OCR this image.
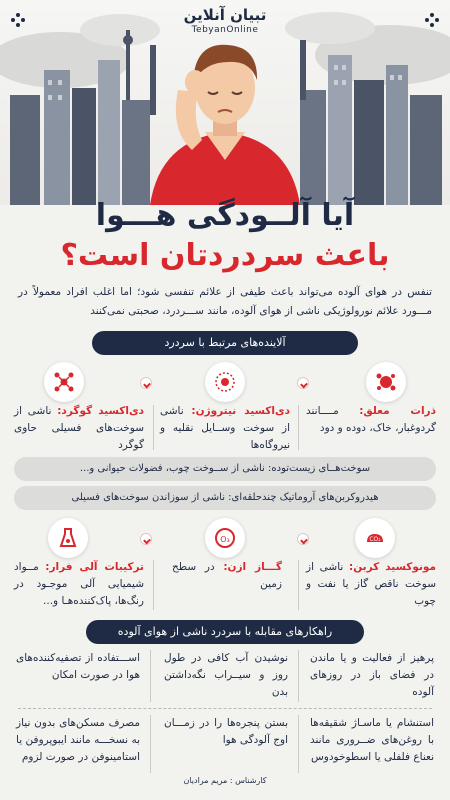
تبیان آنلاین
TebyanOnline
آیا آلــودگی هـــوا
باعث سردردتان است؟
تنفس در هوای آلوده می‌تواند باعث طیفی از علائم تنفسی شود؛ اما اغلب افراد معمولاً در مـــورد علائم نورولوژیکی ناشی از هوای آلوده، مانند ســـردرد، صحبتی نمی‌کنند
آلاینده‌های مرتبط با سردرد
ذرات معلق: مــــانند گردوغبار، خاک، دوده و دود
دی‌اکسید نیتروژن: ناشی از سوخت وســایل نقلیه و نیروگاه‌ها
دی‌اکسید گوگرد: ناشی از سوخت‌های فسیلی حاوی گوگرد
سوخت‌هــای زیست‌توده: ناشی از ســوخت چوب، فضولات حیوانی و...
هیدروکربن‌های آروماتیک چندحلقه‌ای: ناشی از سوزاندن سوخت‌های فسیلی
CO₂
O₃
مونوکسید کربن: ناشی از سوخت ناقص گاز یا نفت و چوب
گـــاز ازن: در سطح زمین
ترکیبات آلی فرار: مــواد شیمیایی آلی موجـود در رنگ‌ها، پاک‌کننده‌هـا و...
راهکارهای مقابله با سردرد ناشی از هوای آلوده
پرهیز از فعالیت و یا ماندن در فضای باز در روزهای آلوده
نوشیدن آب کافی در طول روز و سیــراب نگه‌داشتن بدن
اســـتفاده از تصفیه‌کننده‌های هوا در صورت امکان
استنشام یا ماسـاژ شقیقه‌ها با روغن‌های ضــروری مانند نعناع فلفلی یا اسطوخودوس
بستن پنجره‌ها را در زمـــان اوج آلودگی هوا
مصرف مسکن‌های بدون نیاز به نسخـــه مانند ایبوپروفن یا استامینوفن در صورت لزوم
کارشناس : مریم مرادیان
